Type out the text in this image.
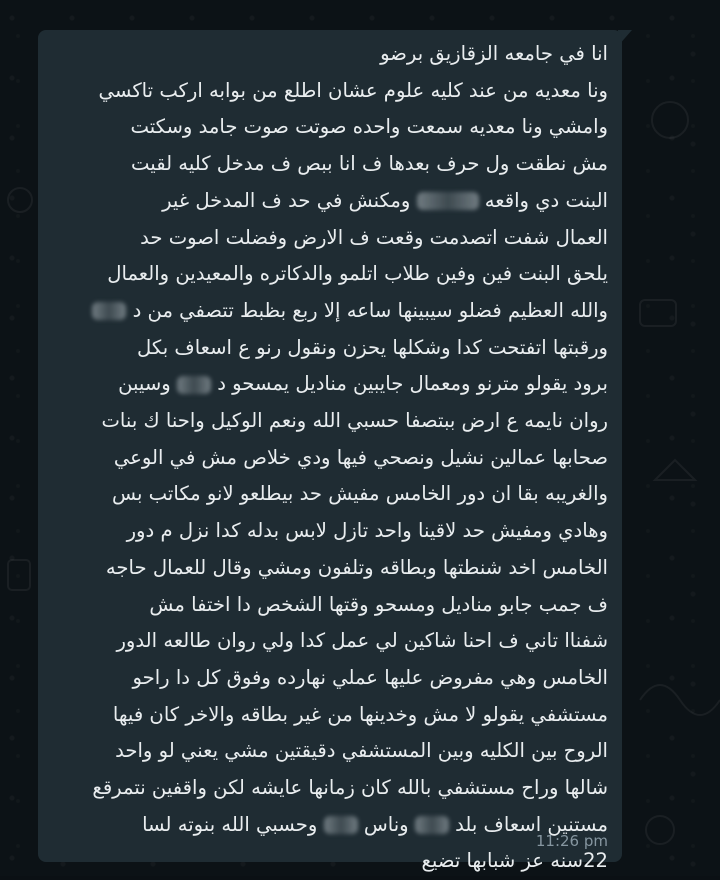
انا في جامعه الزقازيق برضو
ونا معديه من عند كليه علوم عشان اطلع من بوابه اركب تاكسي
وامشي ونا معديه سمعت واحده صوتت صوت جامد وسكتت
مش نطقت ول حرف بعدها ف انا ببص ف مدخل كليه لقيت
البنت دي واقعه  ومكنش في حد ف المدخل غير
العمال شفت اتصدمت وقعت ف الارض وفضلت اصوت حد
يلحق البنت فين وفين طلاب اتلمو والدكاتره والمعيدين والعمال
والله العظيم فضلو سيبينها ساعه إلا ربع بظبط تتصفي من د
ورقبتها اتفتحت كدا وشكلها يحزن ونقول رنو ع اسعاف بكل
برود يقولو مترنو ومعمال جايبين مناديل يمسحو د  وسيبن
روان نايمه ع ارض ببتصفا حسبي الله ونعم الوكيل واحنا ك بنات
صحابها عمالين نشيل ونصحي فيها ودي خلاص مش في الوعي
والغريبه بقا ان دور الخامس مفيش حد بيطلعو لانو مكاتب بس
وهادي ومفيش حد لاقينا واحد تازل لابس بدله كدا نزل م دور
الخامس اخد شنطتها وبطاقه وتلفون ومشي وقال للعمال حاجه
ف جمب جابو مناديل ومسحو وقتها الشخص دا اختفا مش
شفناا تاني ف احنا شاكين لي عمل كدا ولي روان طالعه الدور
الخامس وهي مفروض عليها عملي نهارده وفوق كل دا راحو
مستشفي يقولو لا مش وخدينها من غير بطاقه والاخر كان فيها
الروح بين الكليه وبين المستشفي دقيقتين مشي يعني لو واحد
شالها وراح مستشفي بالله كان زمانها عايشه لكن واقفين نتمرقع
مستنين اسعاف بلد  وناس  وحسبي الله بنوته لسا
22سنه عز شبابها تضيع

11:26 pm
